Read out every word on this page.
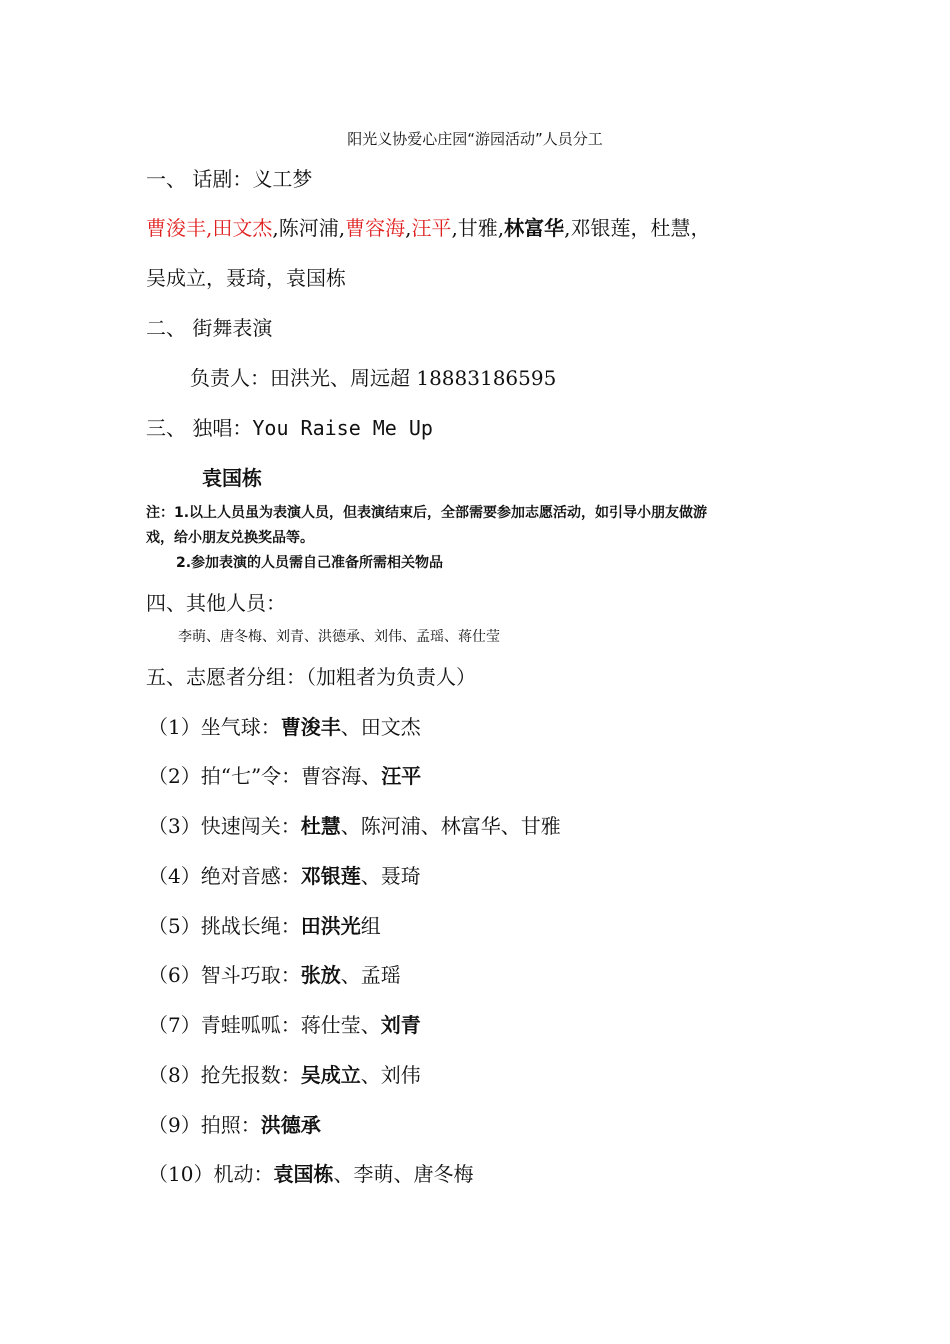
阳光义协爱心庄园“游园活动”人员分工
一、 话剧：义工梦
曹浚丰,田文杰,陈河浦,曹容海,汪平,甘雅,林富华,邓银莲，杜慧，
吴成立，聂琦，袁国栋
二、 街舞表演
负责人：田洪光、周远超 18883186595
三、 独唱：You Raise Me Up
袁国栋
注：1.以上人员虽为表演人员，但表演结束后，全部需要参加志愿活动，如引导小朋友做游
戏，给小朋友兑换奖品等。
2.参加表演的人员需自己准备所需相关物品
四、其他人员：
李萌、唐冬梅、刘青、洪德承、刘伟、孟瑶、蒋仕莹
五、志愿者分组：（加粗者为负责人）
（1）坐气球：曹浚丰、田文杰
（2）拍“七”令：曹容海、汪平
（3）快速闯关：杜慧、陈河浦、林富华、甘雅
（4）绝对音感：邓银莲、聂琦
（5）挑战长绳：田洪光组
（6）智斗巧取：张放、孟瑶
（7）青蛙呱呱：蒋仕莹、刘青
（8）抢先报数：吴成立、刘伟
（9）拍照：洪德承
（10）机动：袁国栋、李萌、唐冬梅
